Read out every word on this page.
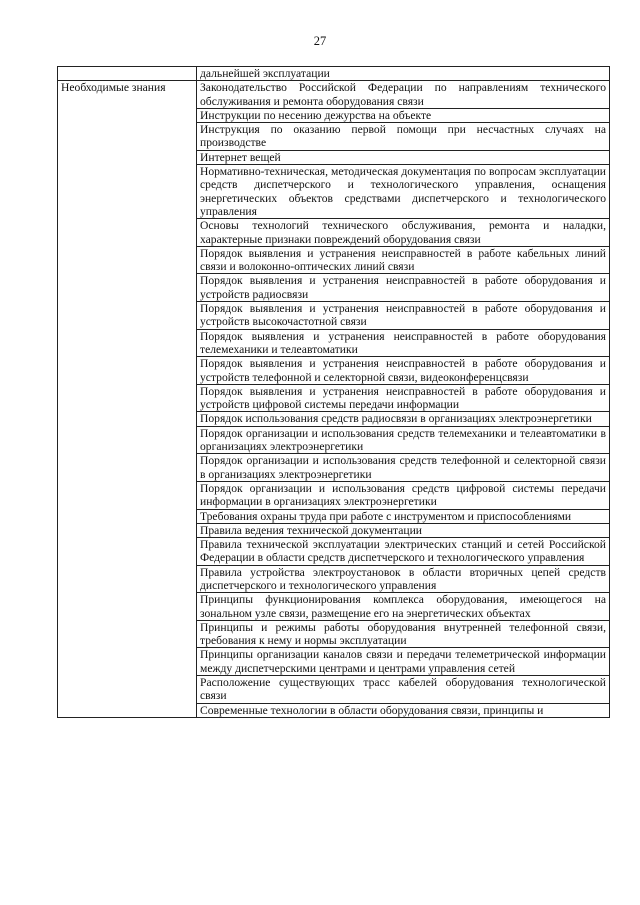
27
	дальнейшей эксплуатации

Необходимые знания	Законодательство Российской Федерации по направлениям технического обслуживания и ремонта оборудования связи
	Инструкции по несению дежурства на объекте
	Инструкция по оказанию первой помощи при несчастных случаях на производстве
	Интернет вещей
	Нормативно-техническая, методическая документация по вопросам эксплуатации средств диспетчерского и технологического управления, оснащения энергетических объектов средствами диспетчерского и технологического управления
	Основы технологий технического обслуживания, ремонта и наладки, характерные признаки повреждений оборудования связи
	Порядок выявления и устранения неисправностей в работе кабельных линий связи и волоконно-оптических линий связи
	Порядок выявления и устранения неисправностей в работе оборудования и устройств радиосвязи
	Порядок выявления и устранения неисправностей в работе оборудования и устройств высокочастотной связи
	Порядок выявления и устранения неисправностей в работе оборудования телемеханики и телеавтоматики
	Порядок выявления и устранения неисправностей в работе оборудования и устройств телефонной и селекторной связи, видеоконференцсвязи
	Порядок выявления и устранения неисправностей в работе оборудования и устройств цифровой системы передачи информации
	Порядок использования средств радиосвязи в организациях электроэнергетики
	Порядок организации и использования средств телемеханики и телеавтоматики в организациях электроэнергетики
	Порядок организации и использования средств телефонной и селекторной связи в организациях электроэнергетики
	Порядок организации и использования средств цифровой системы передачи информации в организациях электроэнергетики
	Требования охраны труда при работе с инструментом и приспособлениями
	Правила ведения технической документации
	Правила технической эксплуатации электрических станций и сетей Российской Федерации в области средств диспетчерского и технологического управления
	Правила устройства электроустановок в области вторичных цепей средств диспетчерского и технологического управления
	Принципы функционирования комплекса оборудования, имеющегося на зональном узле связи, размещение его на энергетических объектах
	Принципы и режимы работы оборудования внутренней телефонной связи, требования к нему и нормы эксплуатации
	Принципы организации каналов связи и передачи телеметрической информации между диспетчерскими центрами и центрами управления сетей
	Расположение существующих трасс кабелей оборудования технологической связи
	Современные технологии в области оборудования связи, принципы и
